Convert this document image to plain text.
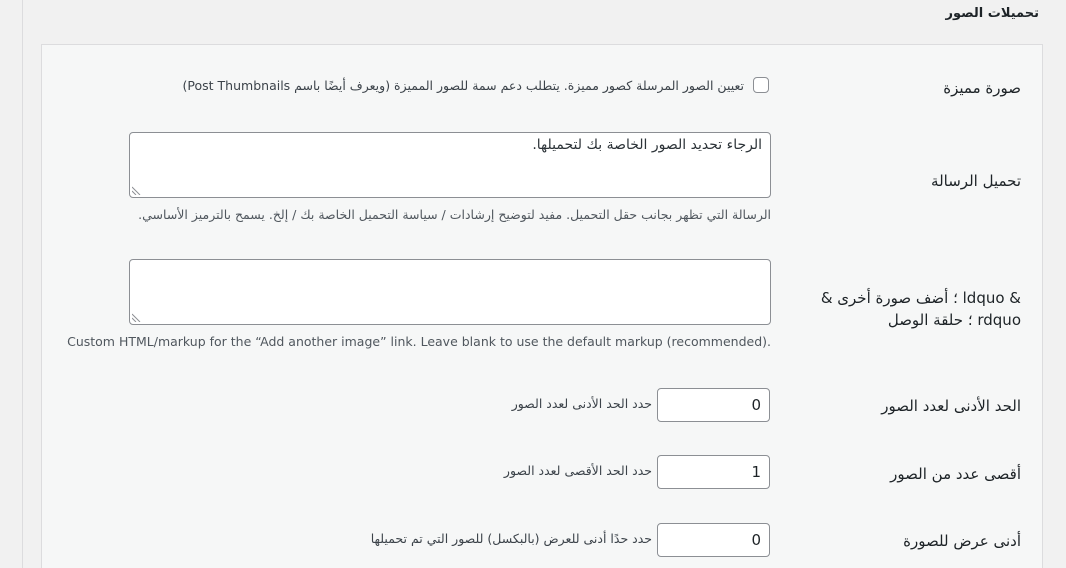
تحميلات الصور
صورة مميزة
تعيين الصور المرسلة كصور مميزة. يتطلب دعم سمة للصور المميزة (ويعرف أيضًا باسم Post Thumbnails)
تحميل الرسالة
الرجاء تحديد الصور الخاصة بك لتحميلها.
الرسالة التي تظهر بجانب حقل التحميل. مفيد لتوضيح إرشادات / سياسة التحميل الخاصة بك / إلخ. يسمح بالترميز الأساسي.
& ldquo ؛ أضف صورة أخرى &
rdquo ؛ حلقة الوصل
Custom HTML/markup for the “Add another image” link. Leave blank to use the default markup (recommended).
الحد الأدنى لعدد الصور
0
حدد الحد الأدنى لعدد الصور
أقصى عدد من الصور
1
حدد الحد الأقصى لعدد الصور
أدنى عرض للصورة
0
حدد حدًا أدنى للعرض (بالبكسل) للصور التي تم تحميلها
